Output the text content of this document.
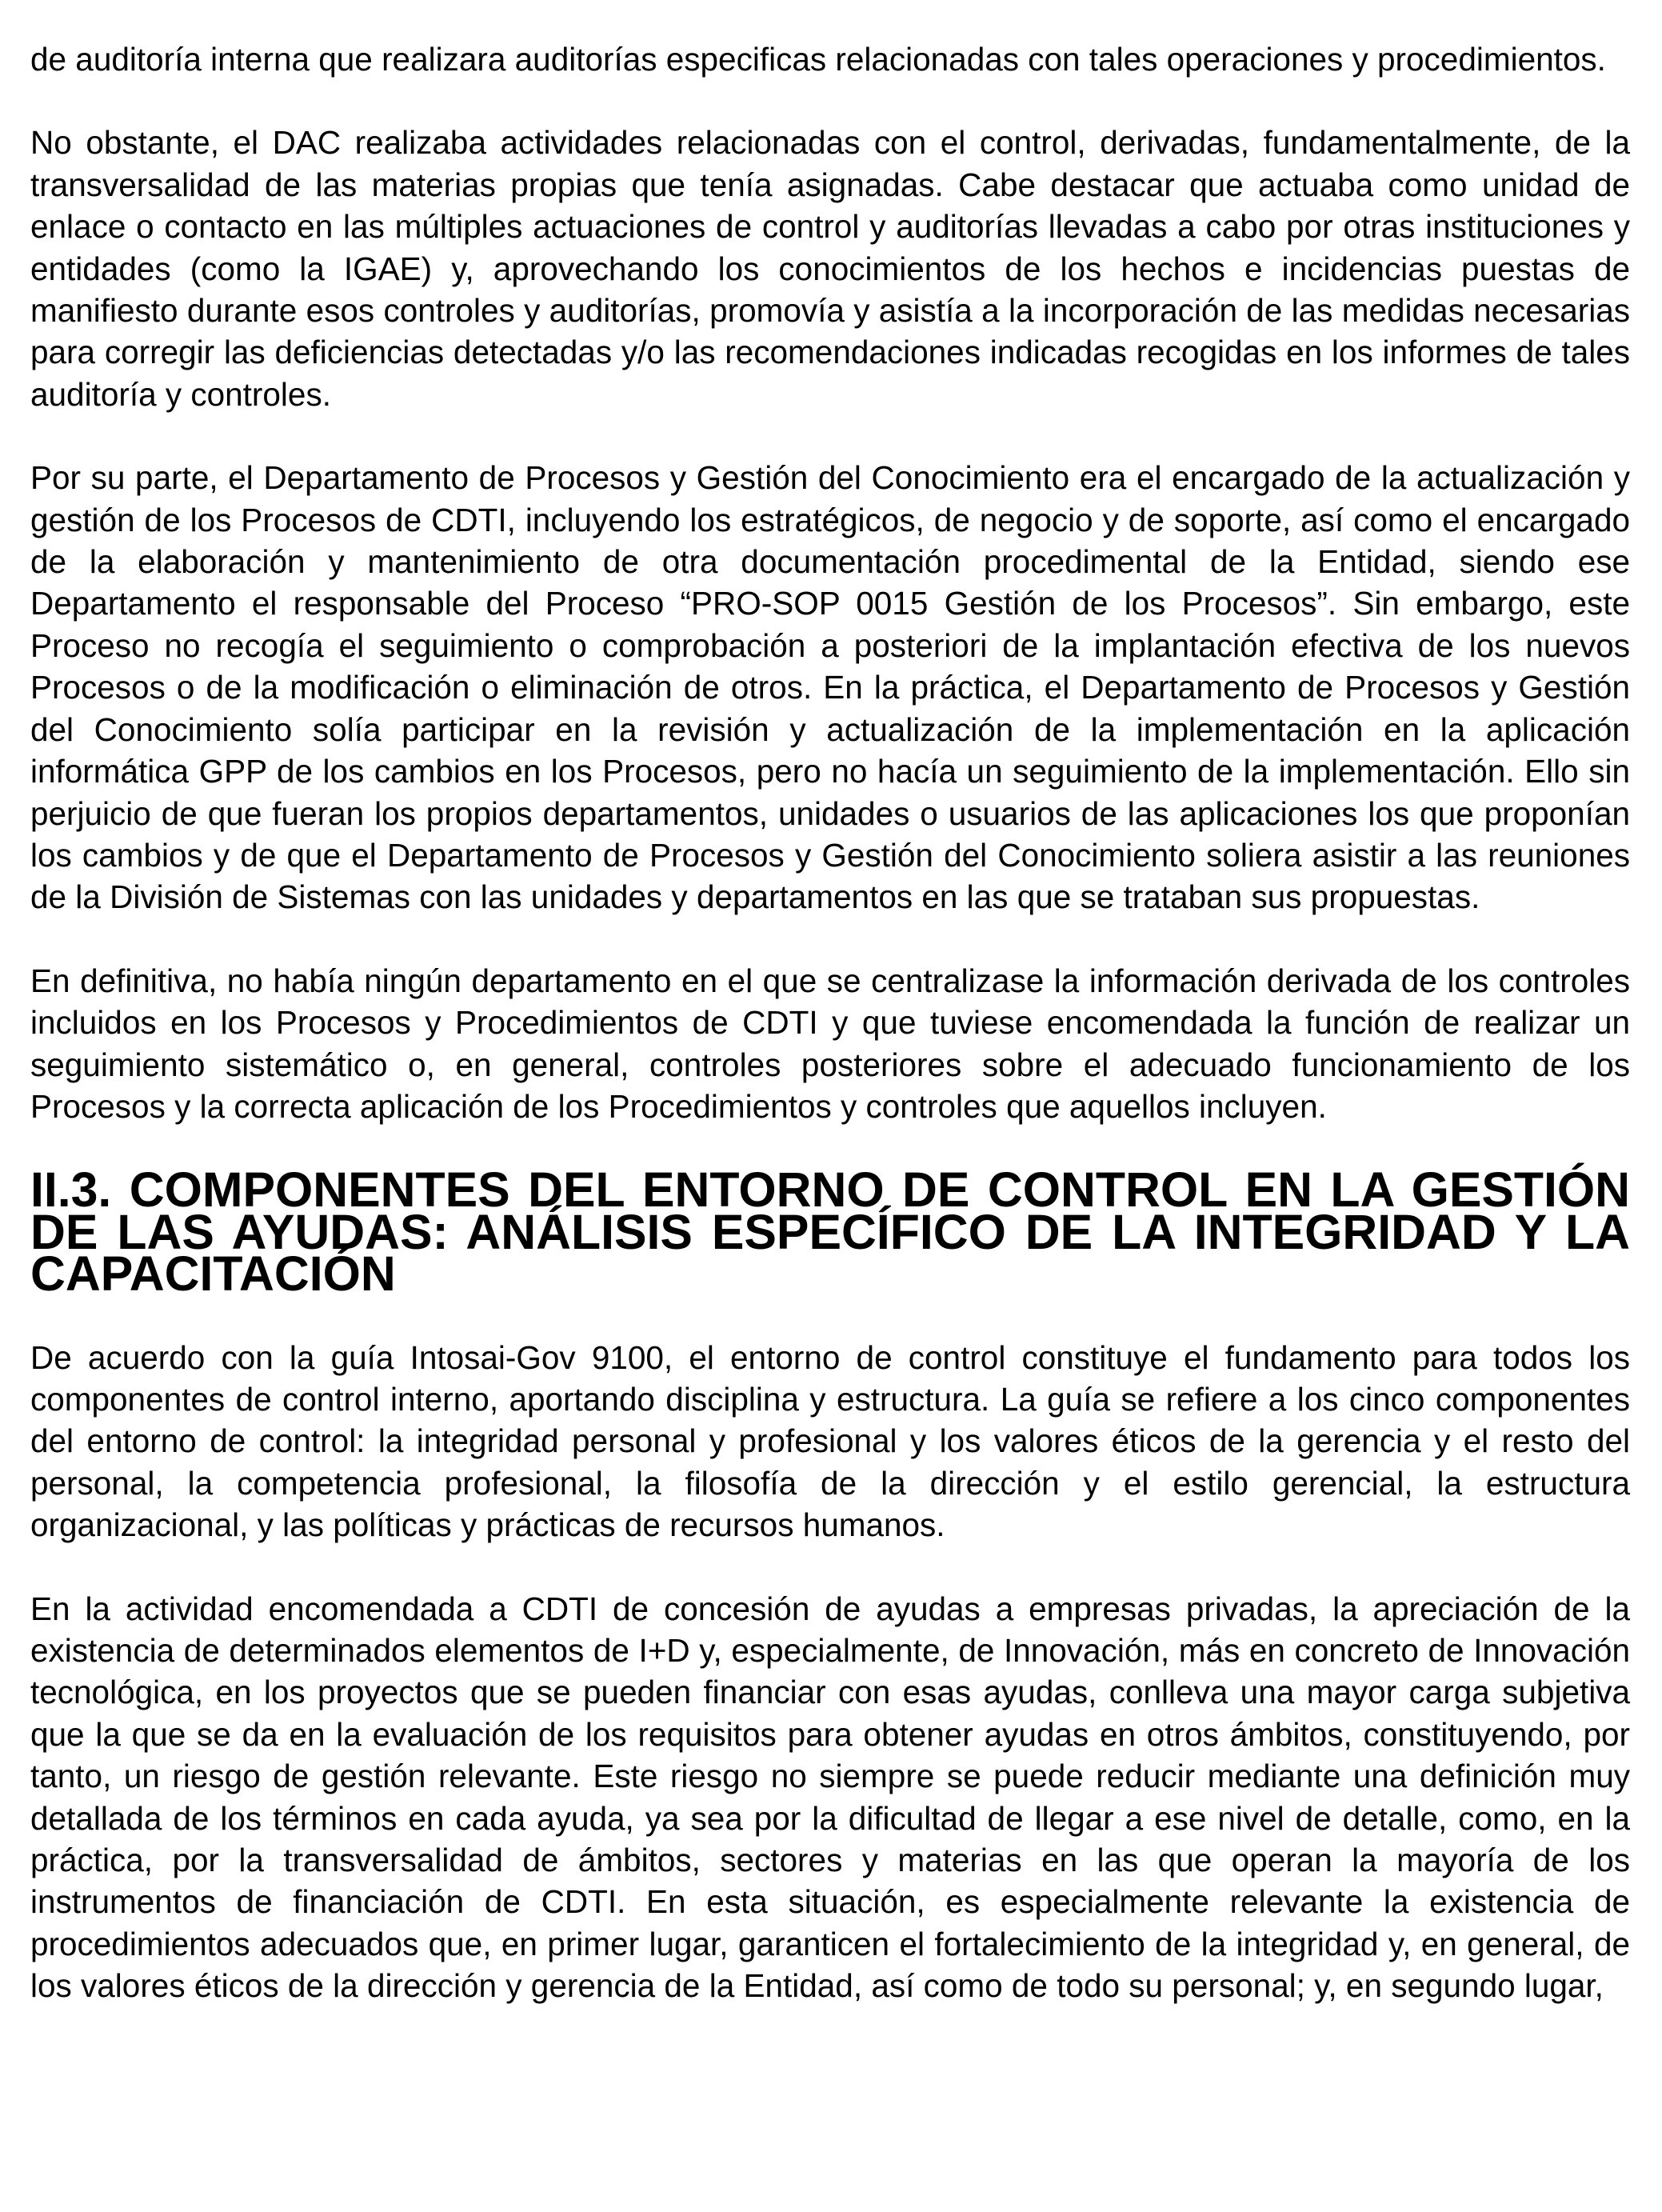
de auditoría interna que realizara auditorías especificas relacionadas con tales operaciones y procedimientos.

No obstante, el DAC realizaba actividades relacionadas con el control, derivadas, fundamentalmente, de la transversalidad de las materias propias que tenía asignadas. Cabe destacar que actuaba como unidad de enlace o contacto en las múltiples actuaciones de control y auditorías llevadas a cabo por otras instituciones y entidades (como la IGAE) y, aprovechando los conocimientos de los hechos e incidencias puestas de manifiesto durante esos controles y auditorías, promovía y asistía a la incorporación de las medidas necesarias para corregir las deficiencias detectadas y/o las recomendaciones indicadas recogidas en los informes de tales auditoría y controles.

Por su parte, el Departamento de Procesos y Gestión del Conocimiento era el encargado de la actualización y gestión de los Procesos de CDTI, incluyendo los estratégicos, de negocio y de soporte, así como el encargado de la elaboración y mantenimiento de otra documentación procedimental de la Entidad, siendo ese Departamento el responsable del Proceso “PRO-SOP 0015 Gestión de los Procesos”. Sin embargo, este Proceso no recogía el seguimiento o comprobación a posteriori de la implantación efectiva de los nuevos Procesos o de la modificación o eliminación de otros. En la práctica, el Departamento de Procesos y Gestión del Conocimiento solía participar en la revisión y actualización de la implementación en la aplicación informática GPP de los cambios en los Procesos, pero no hacía un seguimiento de la implementación. Ello sin perjuicio de que fueran los propios departamentos, unidades o usuarios de las aplicaciones los que proponían los cambios y de que el Departamento de Procesos y Gestión del Conocimiento soliera asistir a las reuniones de la División de Sistemas con las unidades y departamentos en las que se trataban sus propuestas.

En definitiva, no había ningún departamento en el que se centralizase la información derivada de los controles incluidos en los Procesos y Procedimientos de CDTI y que tuviese encomendada la función de realizar un seguimiento sistemático o, en general, controles posteriores sobre el adecuado funcionamiento de los Procesos y la correcta aplicación de los Procedimientos y controles que aquellos incluyen.

II.3. COMPONENTES DEL ENTORNO DE CONTROL EN LA GESTIÓN DE LAS AYUDAS: ANÁLISIS ESPECÍFICO DE LA INTEGRIDAD Y LA CAPACITACIÓN

De acuerdo con la guía Intosai-Gov 9100, el entorno de control constituye el fundamento para todos los componentes de control interno, aportando disciplina y estructura. La guía se refiere a los cinco componentes del entorno de control: la integridad personal y profesional y los valores éticos de la gerencia y el resto del personal, la competencia profesional, la filosofía de la dirección y el estilo gerencial, la estructura organizacional, y las políticas y prácticas de recursos humanos.

En la actividad encomendada a CDTI de concesión de ayudas a empresas privadas, la apreciación de la existencia de determinados elementos de I+D y, especialmente, de Innovación, más en concreto de Innovación tecnológica, en los proyectos que se pueden financiar con esas ayudas, conlleva una mayor carga subjetiva que la que se da en la evaluación de los requisitos para obtener ayudas en otros ámbitos, constituyendo, por tanto, un riesgo de gestión relevante. Este riesgo no siempre se puede reducir mediante una definición muy detallada de los términos en cada ayuda, ya sea por la dificultad de llegar a ese nivel de detalle, como, en la práctica, por la transversalidad de ámbitos, sectores y materias en las que operan la mayoría de los instrumentos de financiación de CDTI. En esta situación, es especialmente relevante la existencia de procedimientos adecuados que, en primer lugar, garanticen el fortalecimiento de la integridad y, en general, de los valores éticos de la dirección y gerencia de la Entidad, así como de todo su personal; y, en segundo lugar,
